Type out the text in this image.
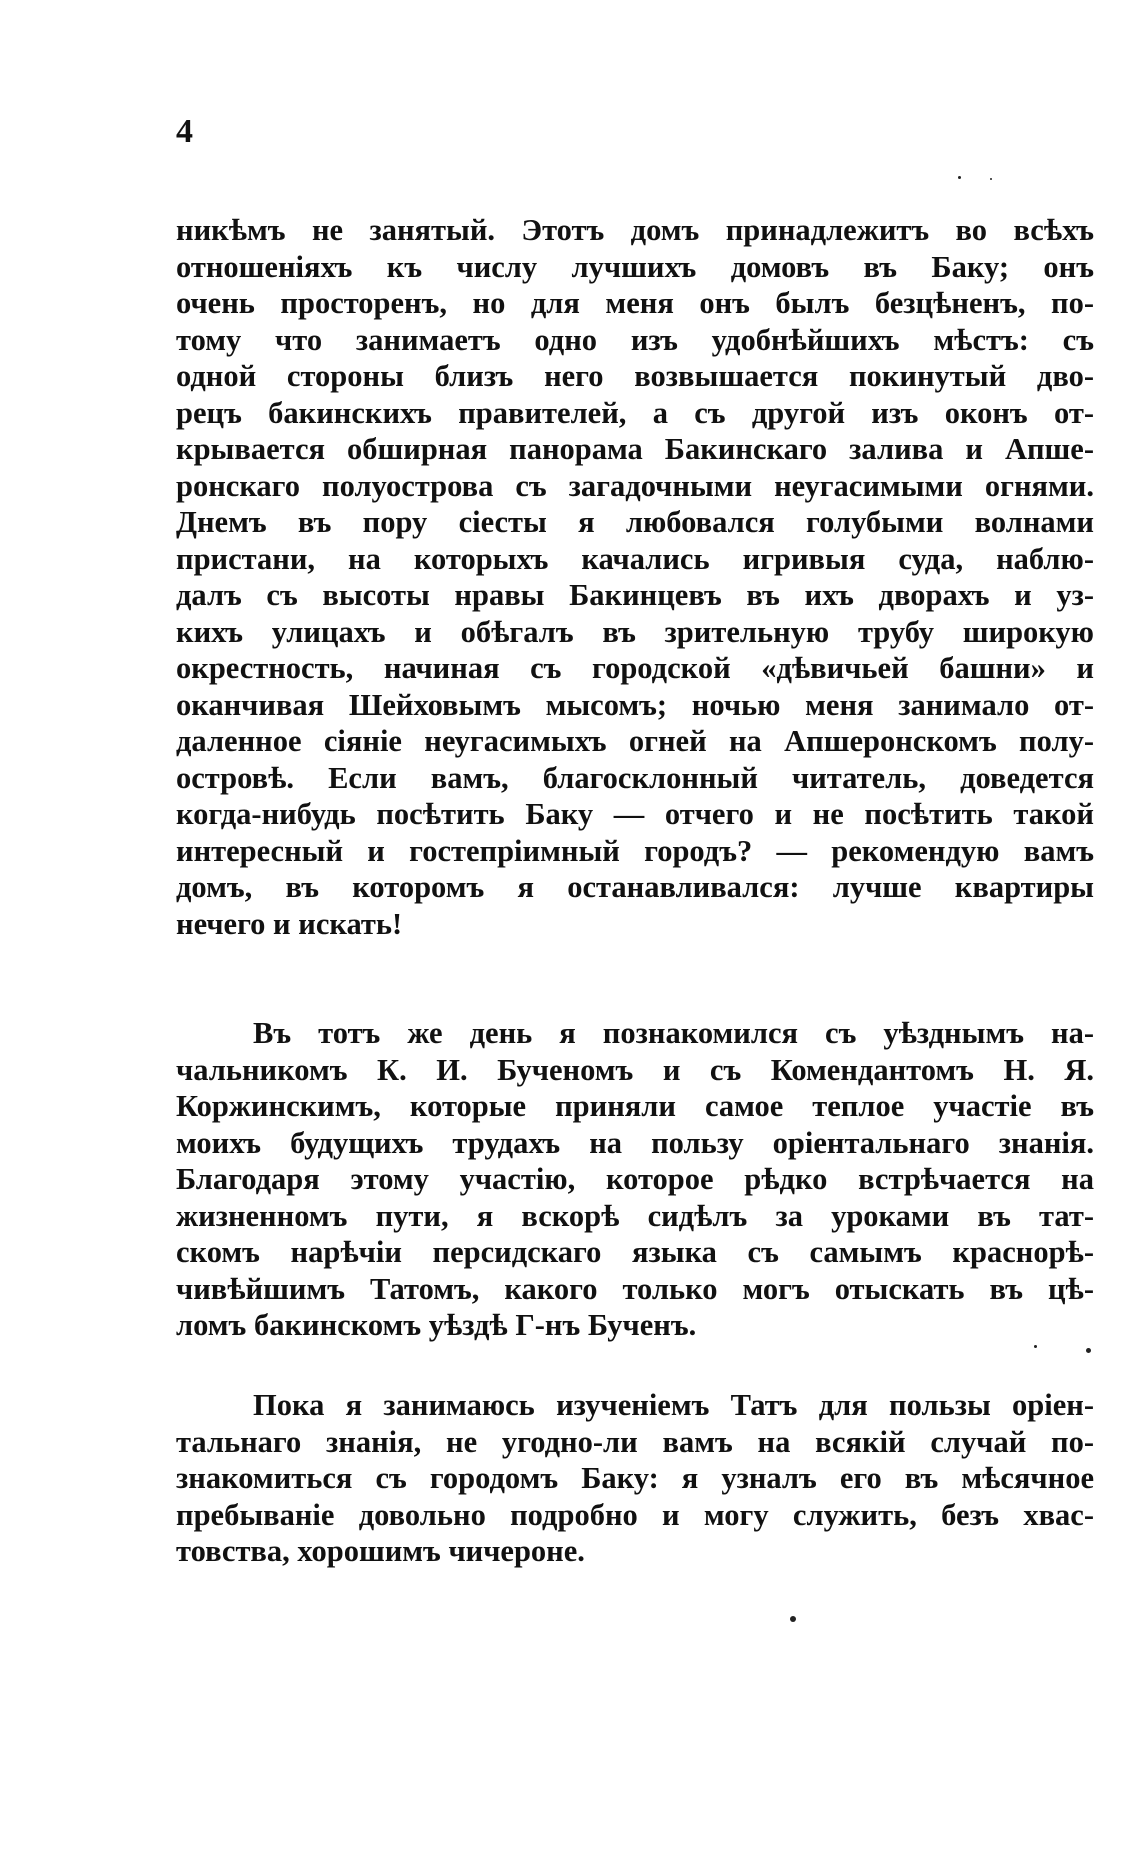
4
никѣмъ не занятый. Этотъ домъ принадлежитъ во всѣхъ
отношеніяхъ къ числу лучшихъ домовъ въ Баку; онъ
очень просторенъ, но для меня онъ былъ безцѣненъ, по-
тому что занимаетъ одно изъ удобнѣйшихъ мѣстъ: съ
одной стороны близъ него возвышается покинутый дво-
рецъ бакинскихъ правителей, а съ другой изъ оконъ от-
крывается обширная панорама Бакинскаго залива и Апше-
ронскаго полуострова съ загадочными неугасимыми огнями.
Днемъ въ пору сіесты я любовался голубыми волнами
пристани, на которыхъ качались игривыя суда, наблю-
далъ съ высоты нравы Бакинцевъ въ ихъ дворахъ и уз-
кихъ улицахъ и обѣгалъ въ зрительную трубу широкую
окрестность, начиная съ городской «дѣвичьей башни» и
оканчивая Шейховымъ мысомъ; ночью меня занимало от-
даленное сіяніе неугасимыхъ огней на Апшеронскомъ полу-
островѣ. Если вамъ, благосклонный читатель, доведется
когда-нибудь посѣтить Баку — отчего и не посѣтить такой
интересный и гостепріимный городъ? — рекомендую вамъ
домъ, въ которомъ я останавливался: лучше квартиры
нечего и искать!
Въ тотъ же день я познакомился съ уѣзднымъ на-
чальникомъ К. И. Бученомъ и съ Комендантомъ Н. Я.
Коржинскимъ, которые приняли самое теплое участіе въ
моихъ будущихъ трудахъ на пользу оріентальнаго знанія.
Благодаря этому участію, которое рѣдко встрѣчается на
жизненномъ пути, я вскорѣ сидѣлъ за уроками въ тат-
скомъ нарѣчіи персидскаго языка съ самымъ краснорѣ-
чивѣйшимъ Татомъ, какого только могъ отыскать въ цѣ-
ломъ бакинскомъ уѣздѣ Г-нъ Бученъ.
Пока я занимаюсь изученіемъ Татъ для пользы оріен-
тальнаго знанія, не угодно-ли вамъ на всякій случай по-
знакомиться съ городомъ Баку: я узналъ его въ мѣсячное
пребываніе довольно подробно и могу служить, безъ хвас-
товства, хорошимъ чичероне.
